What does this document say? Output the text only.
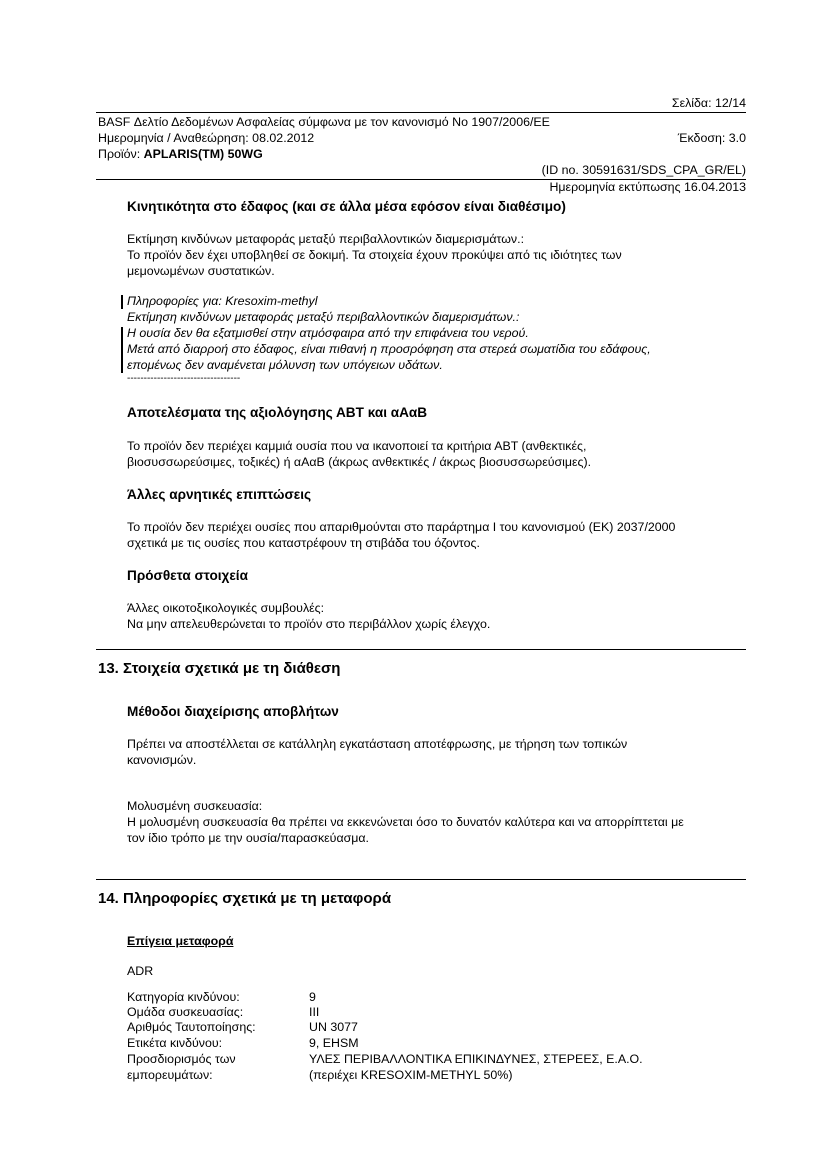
Σελίδα: 12/14
BASF Δελτίο Δεδομένων Ασφαλείας σύμφωνα με τον κανονισμό Νο 1907/2006/ΕΕ
Ημερομηνία / Αναθεώρηση: 08.02.2012	Έκδοση: 3.0
Προϊόν: APLARIS(TM) 50WG
(ID no. 30591631/SDS_CPA_GR/EL)
Ημερομηνία εκτύπωσης 16.04.2013
Κινητικότητα στο έδαφος (και σε άλλα μέσα εφόσον είναι διαθέσιμο)
Εκτίμηση κινδύνων μεταφοράς μεταξύ περιβαλλοντικών διαμερισμάτων.:
Το προϊόν δεν έχει υποβληθεί σε δοκιμή. Τα στοιχεία έχουν προκύψει από τις ιδιότητες των
μεμονωμένων συστατικών.
Πληροφορίες για: Kresoxim-methyl
Εκτίμηση κινδύνων μεταφοράς μεταξύ περιβαλλοντικών διαμερισμάτων.:
Η ουσία δεν θα εξατμισθεί στην ατμόσφαιρα από την επιφάνεια του νερού.
Μετά από διαρροή στο έδαφος, είναι πιθανή η προσρόφηση στα στερεά σωματίδια του εδάφους,
επομένως δεν αναμένεται μόλυνση των υπόγειων υδάτων.
----------------------------------
Αποτελέσματα της αξιολόγησης ΑΒΤ και αΑαΒ
Το προϊόν δεν περιέχει καμμιά ουσία που να ικανοποιεί τα κριτήρια ΑΒΤ (ανθεκτικές,
βιοσυσσωρεύσιμες, τοξικές) ή αΑαΒ (άκρως ανθεκτικές / άκρως βιοσυσσωρεύσιμες).
Άλλες αρνητικές επιπτώσεις
Το προϊόν δεν περιέχει ουσίες που απαριθμούνται στο παράρτημα I του κανονισμού (ΕΚ) 2037/2000
σχετικά με τις ουσίες που καταστρέφουν τη στιβάδα του όζοντος.
Πρόσθετα στοιχεία
Άλλες οικοτοξικολογικές συμβουλές:
Να μην απελευθερώνεται το προϊόν στο περιβάλλον χωρίς έλεγχο.
13. Στοιχεία σχετικά με τη διάθεση
Μέθοδοι διαχείρισης αποβλήτων
Πρέπει να αποστέλλεται σε κατάλληλη εγκατάσταση αποτέφρωσης, με τήρηση των τοπικών
κανονισμών.
Μολυσμένη συσκευασία:
Η μολυσμένη συσκευασία θα πρέπει να εκκενώνεται όσο το δυνατόν καλύτερα και να απορρίπτεται με
τον ίδιο τρόπο με την ουσία/παρασκεύασμα.
14. Πληροφορίες σχετικά με τη μεταφορά
Επίγεια μεταφορά
ADR
Κατηγορία κινδύνου:	9
Ομάδα συσκευασίας:	III
Αριθμός Ταυτοποίησης:	UN 3077
Ετικέτα κινδύνου:	9, EHSM
Προσδιορισμός των	ΥΛΕΣ ΠΕΡΙΒΑΛΛΟΝΤΙΚΑ ΕΠΙΚΙΝΔΥΝΕΣ, ΣΤΕΡΕΕΣ, Ε.Α.Ο.
εμπορευμάτων:	(περιέχει KRESOXIM-METHYL 50%)
